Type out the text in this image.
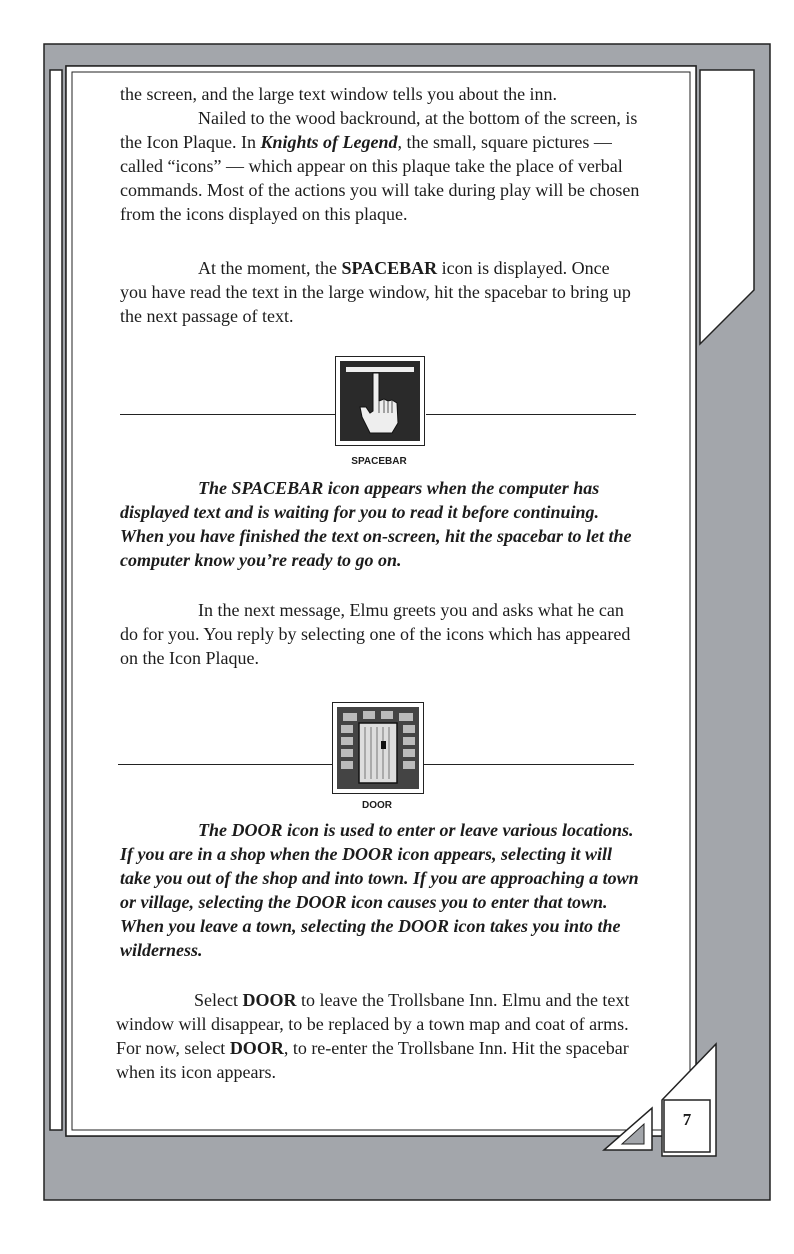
the screen, and the large text window tells you about the inn.

Nailed to the wood backround, at the bottom of the screen, is the Icon Plaque. In Knights of Legend, the small, square pictures — called “icons” — which appear on this plaque take the place of verbal commands. Most of the actions you will take during play will be chosen from the icons displayed on this plaque.

At the moment, the SPACEBAR icon is displayed. Once you have read the text in the large window, hit the spacebar to bring up the next passage of text.

SPACEBAR

The SPACEBAR icon appears when the computer has displayed text and is waiting for you to read it before continuing. When you have finished the text on-screen, hit the spacebar to let the computer know you’re ready to go on.

In the next message, Elmu greets you and asks what he can do for you. You reply by selecting one of the icons which has appeared on the Icon Plaque.

DOOR

The DOOR icon is used to enter or leave various locations. If you are in a shop when the DOOR icon appears, selecting it will take you out of the shop and into town. If you are approaching a town or village, selecting the DOOR icon causes you to enter that town. When you leave a town, selecting the DOOR icon takes you into the wilderness.

Select DOOR to leave the Trollsbane Inn. Elmu and the text window will disappear, to be replaced by a town map and coat of arms. For now, select DOOR, to re-enter the Trollsbane Inn. Hit the spacebar when its icon appears.

7
